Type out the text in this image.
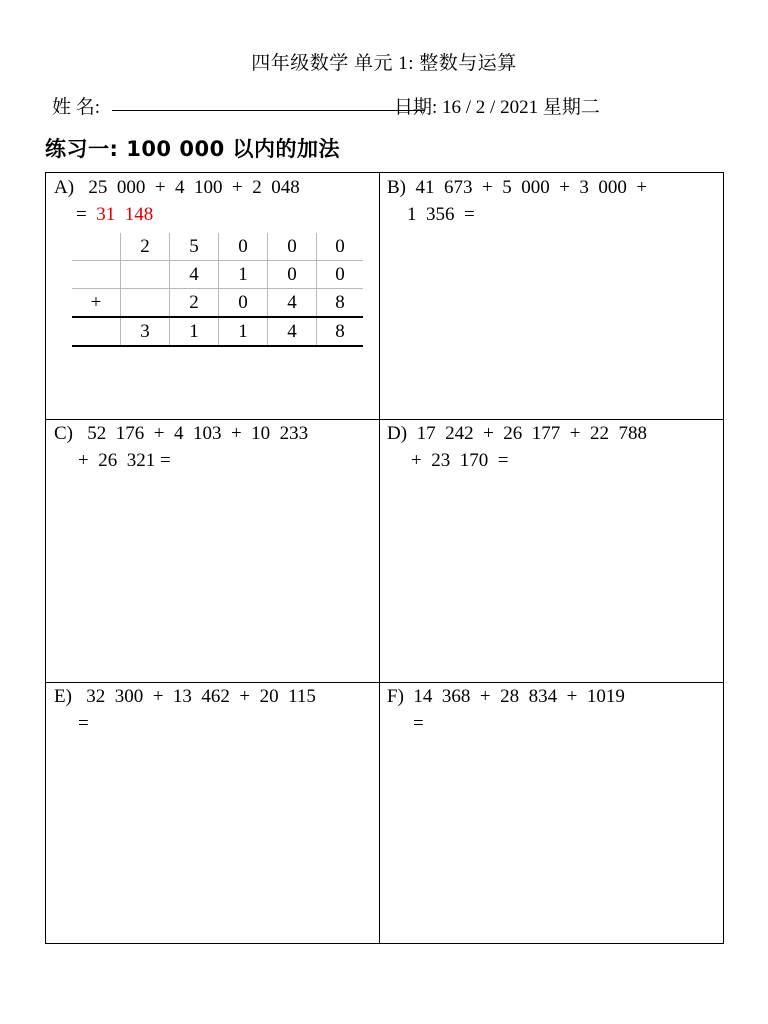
四年级数学 单元 1: 整数与运算
姓 名:	日期: 16 / 2 / 2021 星期二
练习一: 100 000 以内的加法
A) 25  000  +  4  100  +  2  048
=  31  148
	2	5	0	0	0
		4	1	0	0
+		2	0	4	8
	3	1	1	4	8
B) 41  673  +  5  000  +  3  000  +
1  356  =
C) 52  176  +  4  103  +  10  233
+  26  321 =
D) 17  242  +  26  177  +  22  788
+  23  170  =
E) 32  300  +  13  462  +  20  115
=
F) 14  368  +  28  834  +  1019
=
